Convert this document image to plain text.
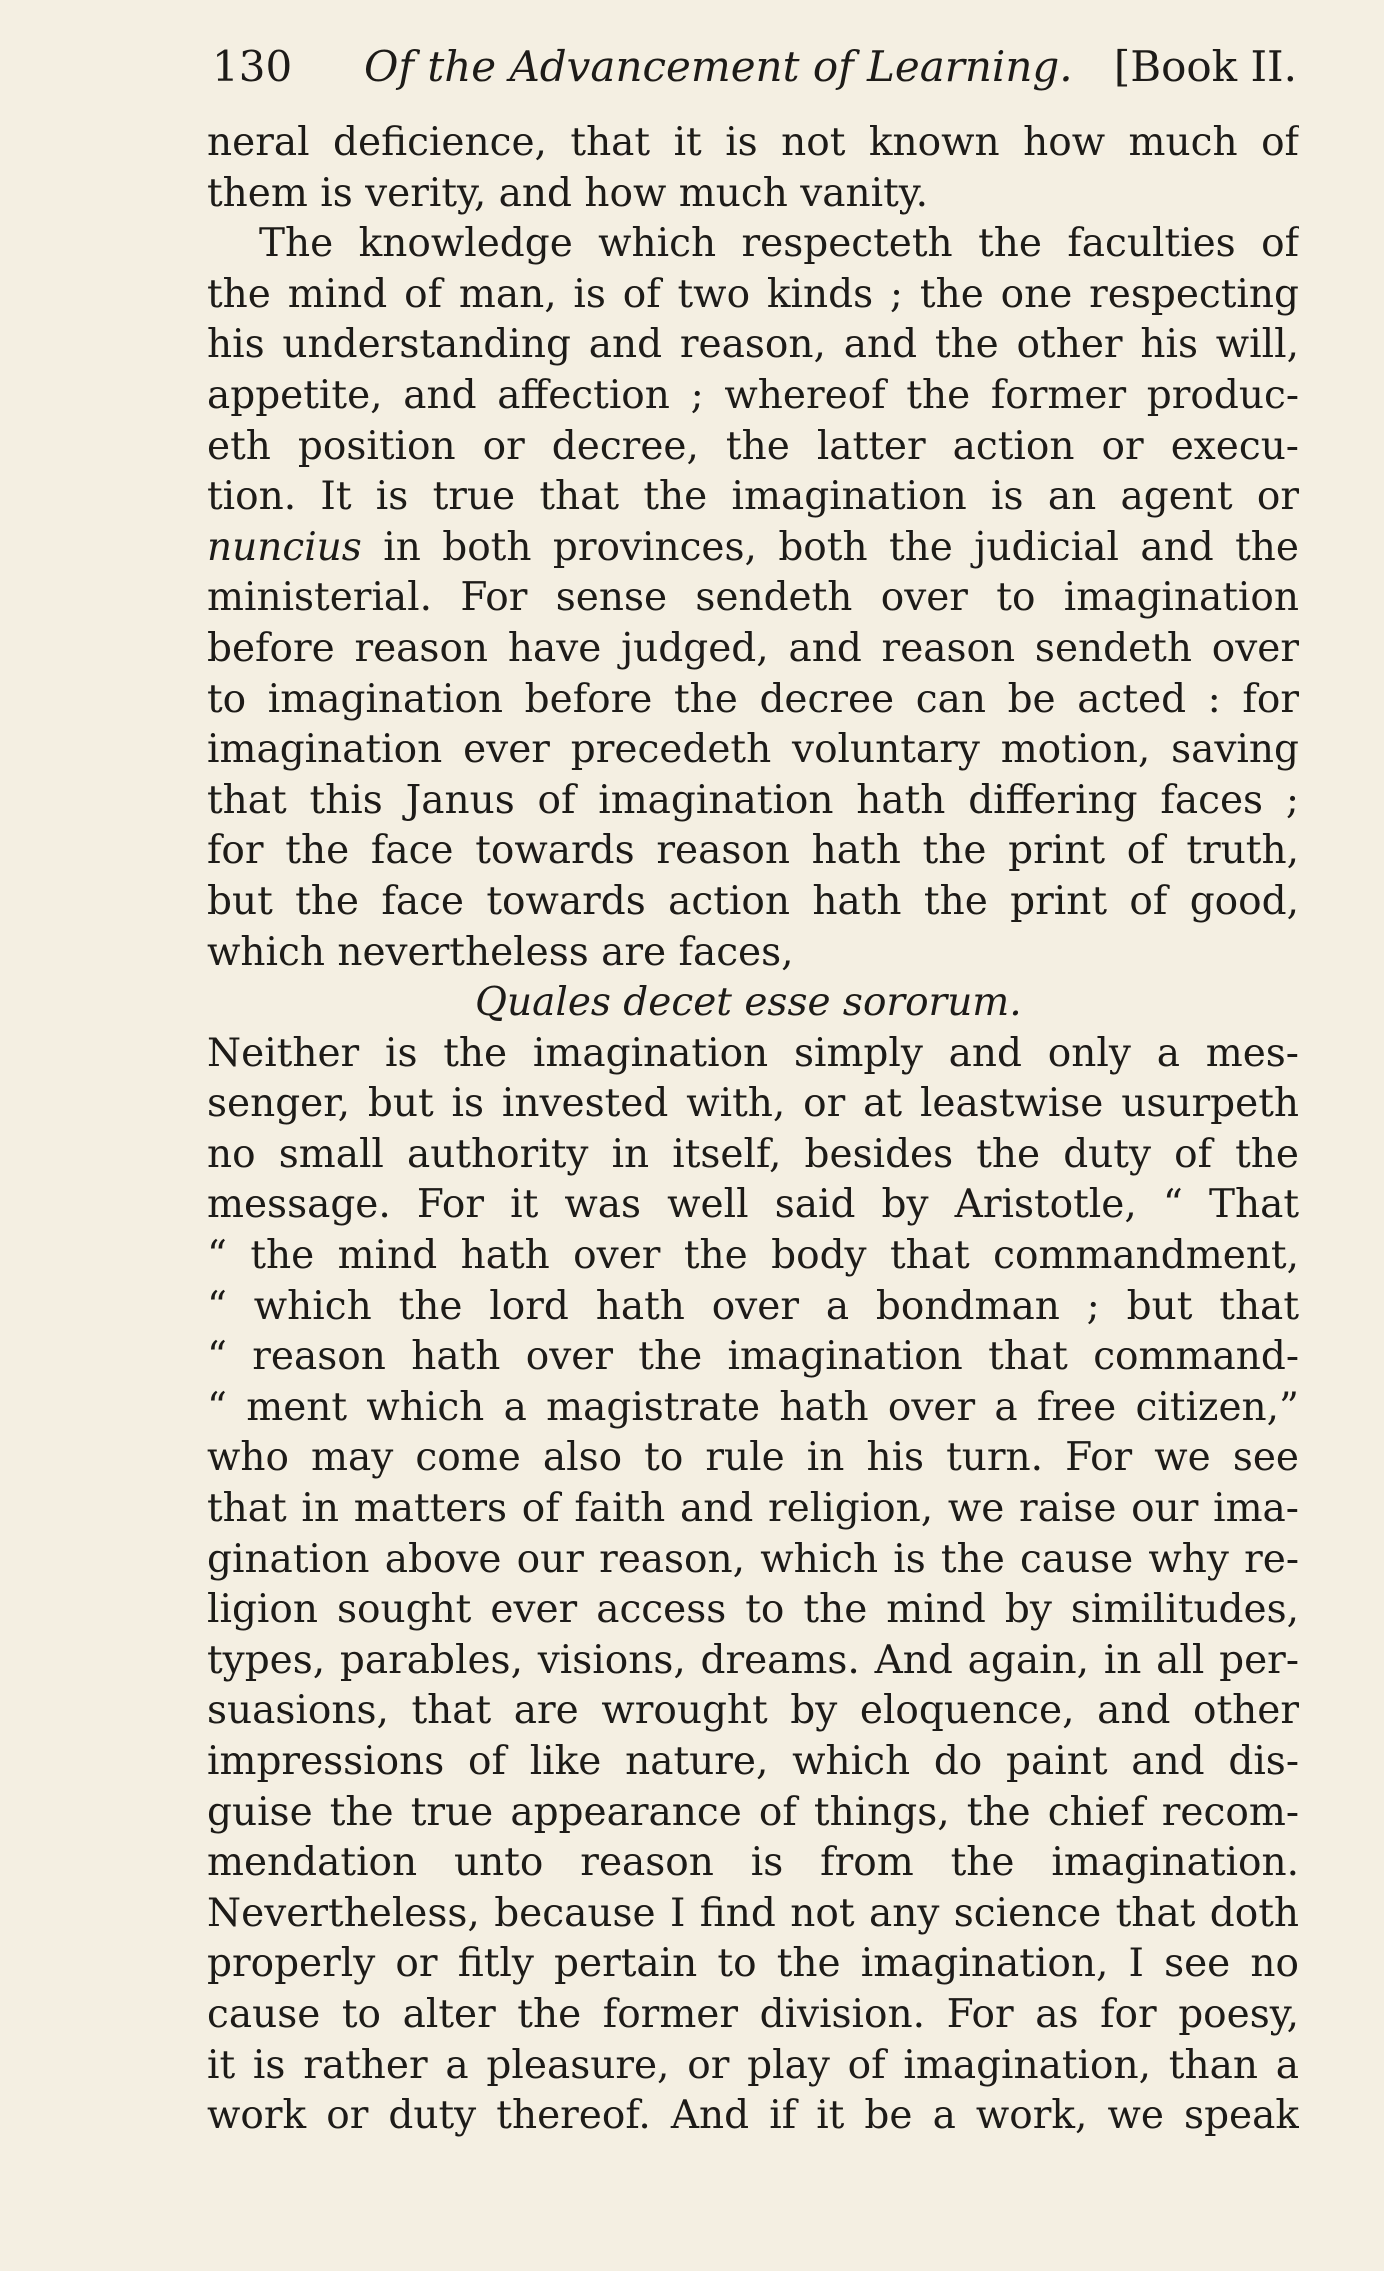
130 Of the Advancement of Learning. [Book II.
neral deficience, that it is not known how much of
them is verity, and how much vanity.
The knowledge which respecteth the faculties of
the mind of man, is of two kinds ; the one respecting
his understanding and reason, and the other his will,
appetite, and affection ; whereof the former produc-
eth position or decree, the latter action or execu-
tion. It is true that the imagination is an agent or
nuncius in both provinces, both the judicial and the
ministerial. For sense sendeth over to imagination
before reason have judged, and reason sendeth over
to imagination before the decree can be acted : for
imagination ever precedeth voluntary motion, saving
that this Janus of imagination hath differing faces ;
for the face towards reason hath the print of truth,
but the face towards action hath the print of good,
which nevertheless are faces,
Quales decet esse sororum.
Neither is the imagination simply and only a mes-
senger, but is invested with, or at leastwise usurpeth
no small authority in itself, besides the duty of the
message. For it was well said by Aristotle, “ That
“ the mind hath over the body that commandment,
“ which the lord hath over a bondman ; but that
“ reason hath over the imagination that command-
“ ment which a magistrate hath over a free citizen,”
who may come also to rule in his turn. For we see
that in matters of faith and religion, we raise our ima-
gination above our reason, which is the cause why re-
ligion sought ever access to the mind by similitudes,
types, parables, visions, dreams. And again, in all per-
suasions, that are wrought by eloquence, and other
impressions of like nature, which do paint and dis-
guise the true appearance of things, the chief recom-
mendation unto reason is from the imagination.
Nevertheless, because I find not any science that doth
properly or fitly pertain to the imagination, I see no
cause to alter the former division. For as for poesy,
it is rather a pleasure, or play of imagination, than a
work or duty thereof. And if it be a work, we speak
